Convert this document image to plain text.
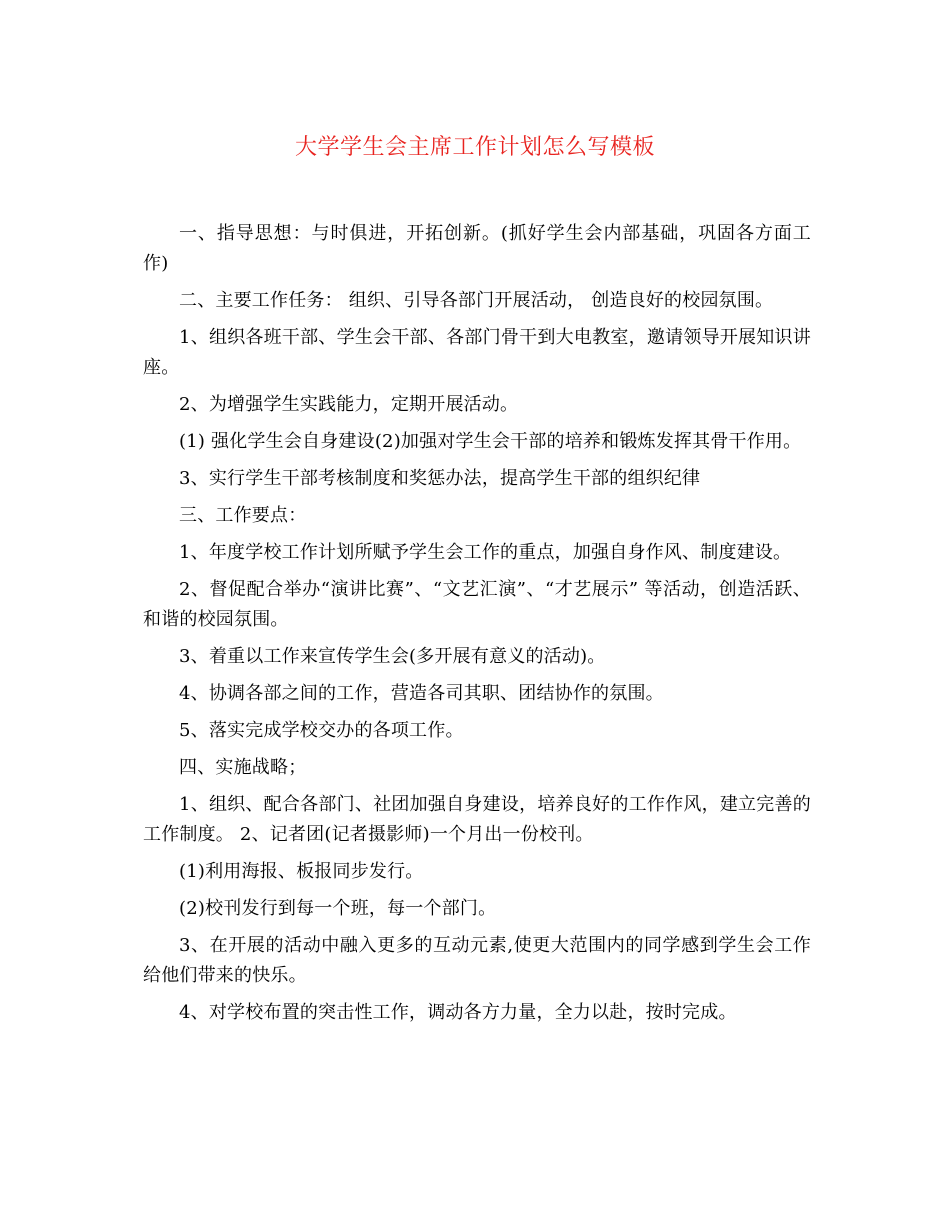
大学学生会主席工作计划怎么写模板

一、指导思想：与时俱进，开拓创新。(抓好学生会内部基础，巩固各方面工作)

二、主要工作任务： 组织、引导各部门开展活动， 创造良好的校园氛围。

1、组织各班干部、学生会干部、各部门骨干到大电教室，邀请领导开展知识讲座。

2、为增强学生实践能力，定期开展活动。

(1) 强化学生会自身建设(2)加强对学生会干部的培养和锻炼发挥其骨干作用。

3、实行学生干部考核制度和奖惩办法，提高学生干部的组织纪律

三、工作要点：

1、年度学校工作计划所赋予学生会工作的重点，加强自身作风、制度建设。

2、督促配合举办“演讲比赛”、“文艺汇演”、“才艺展示” 等活动，创造活跃、和谐的校园氛围。

3、着重以工作来宣传学生会(多开展有意义的活动)。

4、协调各部之间的工作，营造各司其职、团结协作的氛围。

5、落实完成学校交办的各项工作。

四、实施战略；

1、组织、配合各部门、社团加强自身建设，培养良好的工作作风，建立完善的工作制度。 2、记者团(记者摄影师)一个月出一份校刊。

(1)利用海报、板报同步发行。

(2)校刊发行到每一个班，每一个部门。

3、在开展的活动中融入更多的互动元素,使更大范围内的同学感到学生会工作给他们带来的快乐。

4、对学校布置的突击性工作，调动各方力量，全力以赴，按时完成。
